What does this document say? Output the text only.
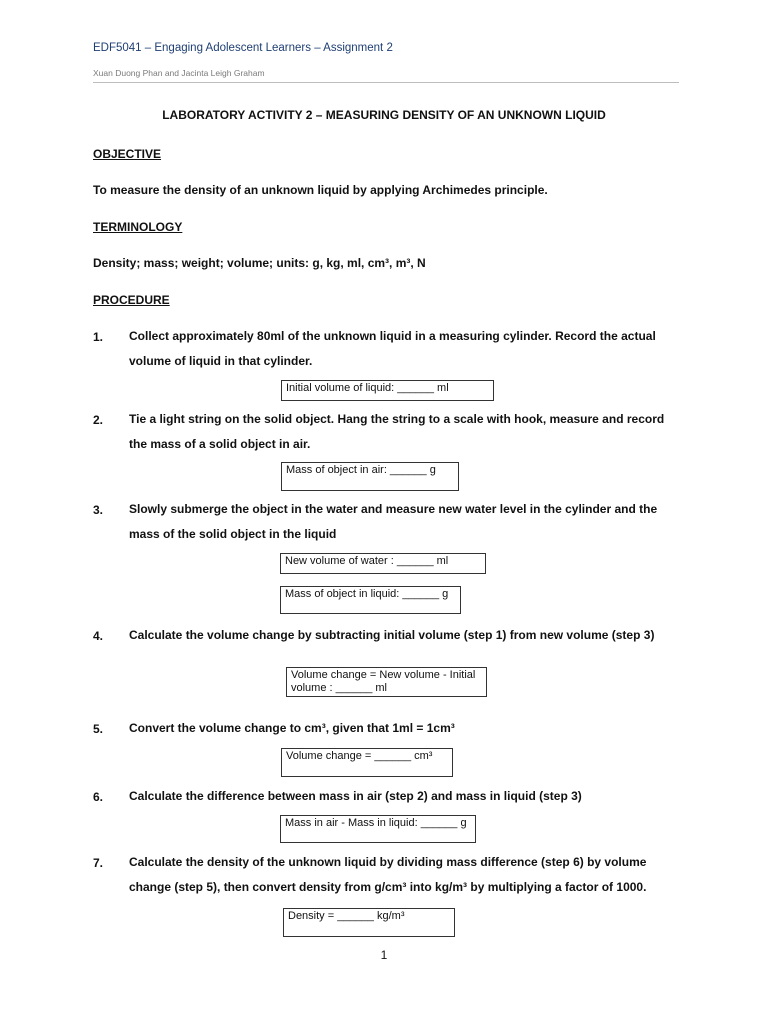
EDF5041 – Engaging Adolescent Learners – Assignment 2
Xuan Duong Phan and Jacinta Leigh Graham
LABORATORY ACTIVITY 2 – MEASURING DENSITY OF AN UNKNOWN LIQUID
OBJECTIVE
To measure the density of an unknown liquid by applying Archimedes principle.
TERMINOLOGY
Density; mass; weight; volume; units: g, kg, ml, cm³, m³, N
PROCEDURE
1. Collect approximately 80ml of the unknown liquid in a measuring cylinder. Record the actual volume of liquid in that cylinder.
Initial volume of liquid: ______ ml
2. Tie a light string on the solid object. Hang the string to a scale with hook, measure and record the mass of a solid object in air.
Mass of object in air: ______ g
3. Slowly submerge the object in the water and measure new water level in the cylinder and the mass of the solid object in the liquid
New volume of water : ______ ml
Mass of object in liquid: ______ g
4. Calculate the volume change by subtracting initial volume (step 1) from new volume (step 3)
Volume change = New volume - Initial volume : ______ ml
5. Convert the volume change to cm³, given that 1ml = 1cm³
Volume change = ______ cm³
6. Calculate the difference between mass in air (step 2) and mass in liquid (step 3)
Mass in air - Mass in liquid: ______ g
7. Calculate the density of the unknown liquid by dividing mass difference (step 6) by volume change (step 5), then convert density from g/cm³ into kg/m³ by multiplying a factor of 1000.
Density = ______ kg/m³
1
